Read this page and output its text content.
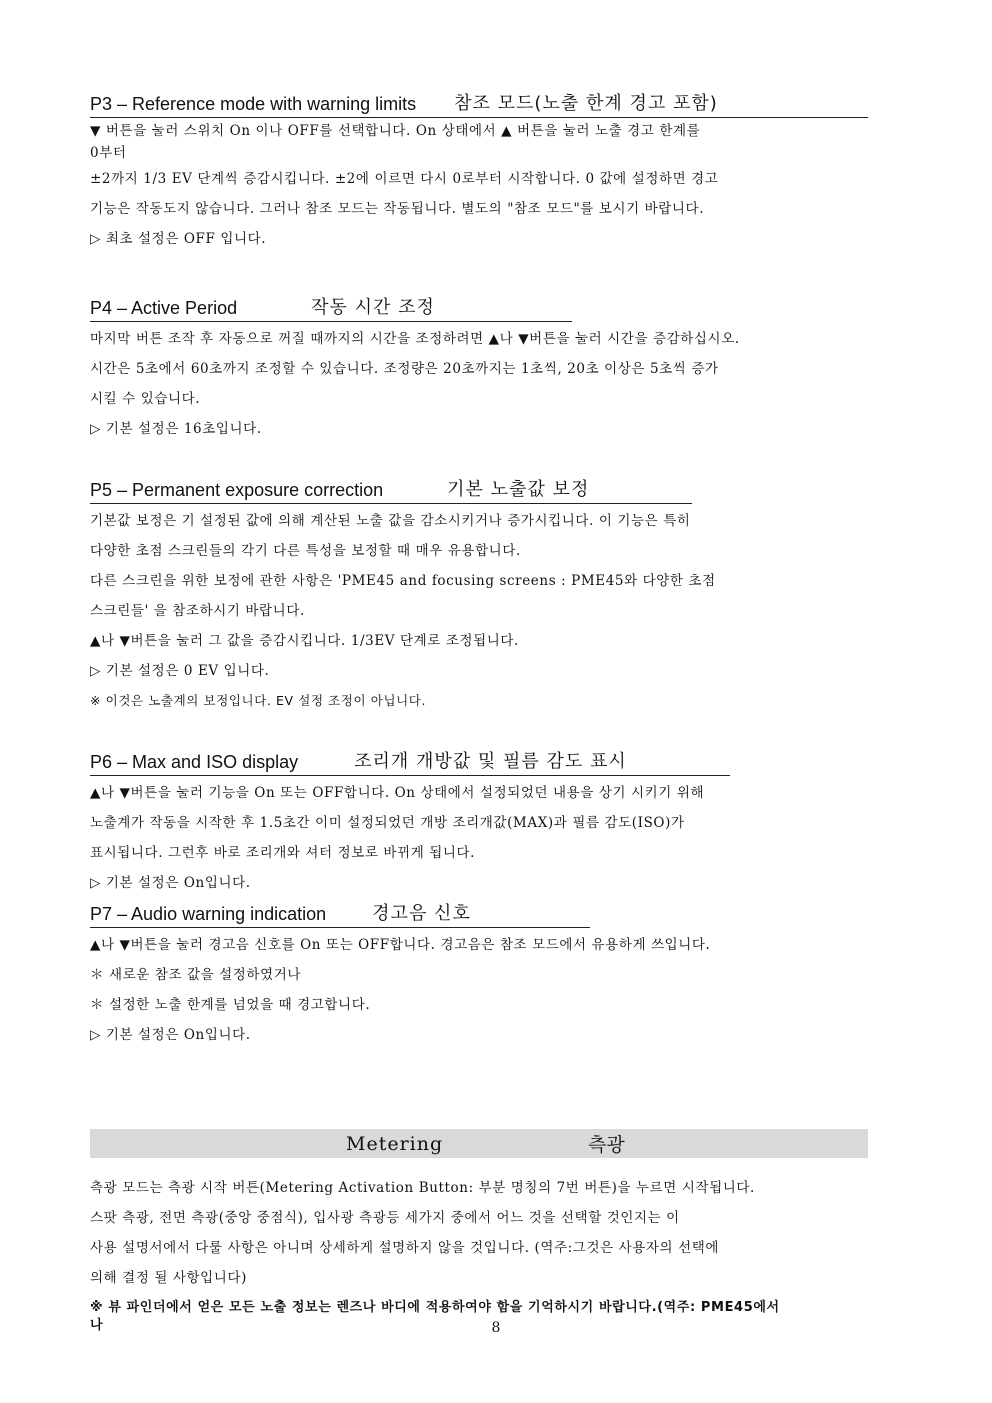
P3 – Reference mode with warning limits 참조 모드(노출 한계 경고 포함)
▼ 버튼을 눌러 스위치 On 이나 OFF를 선택합니다. On 상태에서 ▲ 버튼을 눌러 노출 경고 한계를
0부터
±2까지 1/3 EV 단계씩 증감시킵니다. ±2에 이르면 다시 0로부터 시작합니다. 0 값에 설정하면 경고
기능은 작동도지 않습니다. 그러나 참조 모드는 작동됩니다. 별도의 "참조 모드"를 보시기 바랍니다.
▷ 최초 설정은 OFF 입니다.
P4 – Active Period	작동 시간 조정
마지막 버튼 조작 후 자동으로 꺼질 때까지의 시간을 조정하려면 ▲나 ▼버튼을 눌러 시간을 증감하십시오.
시간은 5초에서 60초까지 조정할 수 있습니다. 조정량은 20초까지는 1초씩, 20초 이상은 5초씩 증가
시킬 수 있습니다.
▷ 기본 설정은 16초입니다.
P5 – Permanent exposure correction	기본 노출값 보정
기본값 보정은 기 설정된 값에 의해 계산된 노출 값을 감소시키거나 증가시킵니다. 이 기능은 특히
다양한 초점 스크린들의 각기 다른 특성을 보정할 때 매우 유용합니다.
다른 스크린을 위한 보정에 관한 사항은 'PME45 and focusing screens : PME45와 다양한 초점
스크린들' 을 참조하시기 바랍니다.
▲나 ▼버튼을 눌러 그 값을 증감시킵니다. 1/3EV 단계로 조정됩니다.
▷ 기본 설정은 0 EV 입니다.
※ 이것은 노출계의 보정입니다. EV 설정 조정이 아닙니다.
P6 – Max and ISO display	조리개 개방값 및 필름 감도 표시
▲나 ▼버튼을 눌러 기능을 On 또는 OFF합니다. On 상태에서 설정되었던 내용을 상기 시키기 위해
노출계가 작동을 시작한 후 1.5초간 이미 설정되었던 개방 조리개값(MAX)과 필름 감도(ISO)가
표시됩니다. 그런후 바로 조리개와 셔터 정보로 바뀌게 됩니다.
▷ 기본 설정은 On입니다.
P7 – Audio warning indication	경고음 신호
▲나 ▼버튼을 눌러 경고음 신호를 On 또는 OFF합니다. 경고음은 참조 모드에서 유용하게 쓰입니다.
＊ 새로운 참조 값을 설정하였거나
＊ 설정한 노출 한계를 넘었을 때 경고합니다.
▷ 기본 설정은 On입니다.
Metering	측광
측광 모드는 측광 시작 버튼(Metering Activation Button: 부분 명칭의 7번 버튼)을 누르면 시작됩니다.
스팟 측광, 전면 측광(중앙 중점식), 입사광 측광등 세가지 중에서 어느 것을 선택할 것인지는 이
사용 설명서에서 다룰 사항은 아니며 상세하게 설명하지 않을 것입니다. (역주:그것은 사용자의 선택에
의해 결정 될 사항입니다)
※ 뷰 파인더에서 얻은 모든 노출 정보는 렌즈나 바디에 적용하여야 함을 기억하시기 바랍니다.(역주: PME45에서
나	8
